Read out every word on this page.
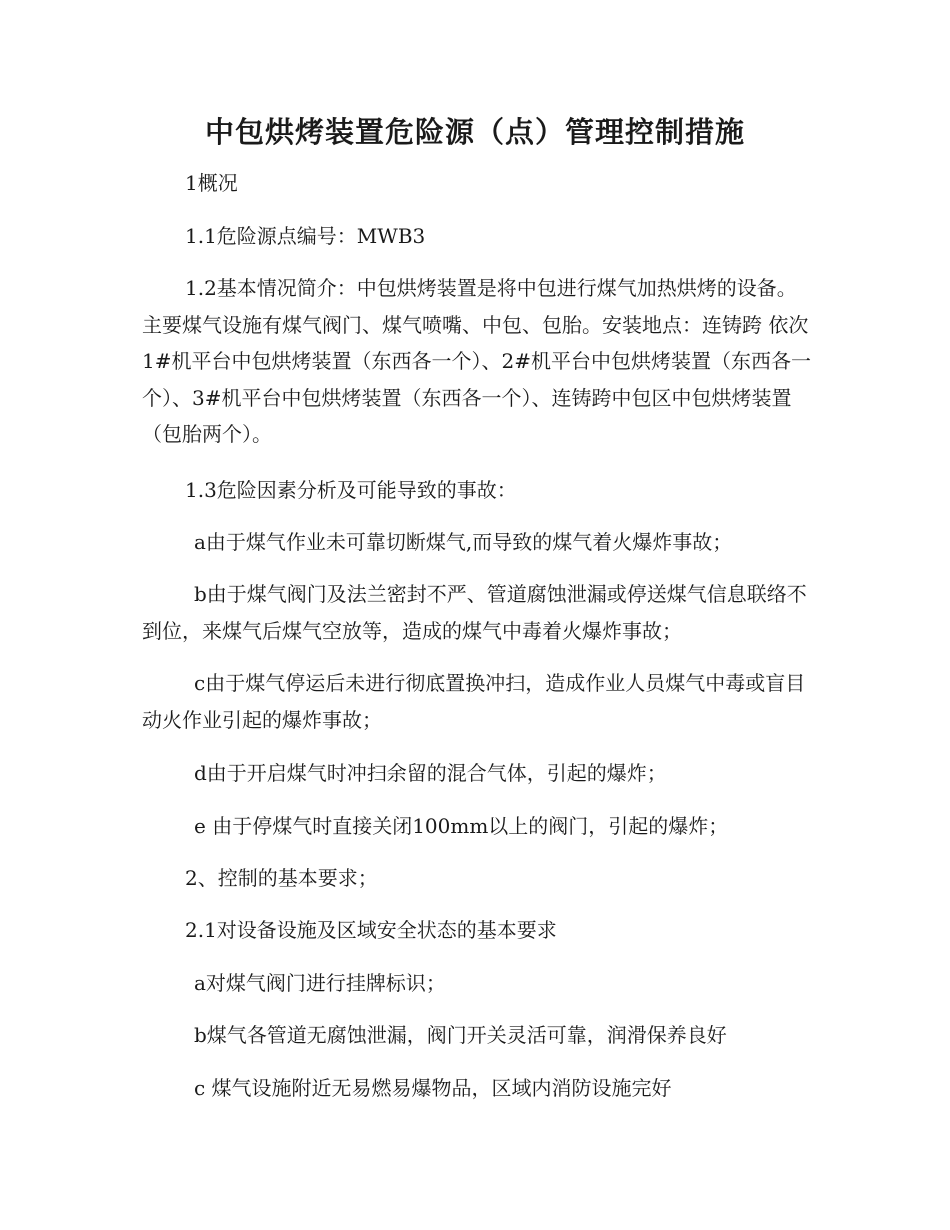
中包烘烤装置危险源（点）管理控制措施

1概况

1.1危险源点编号：MWB3

1.2基本情况简介：中包烘烤装置是将中包进行煤气加热烘烤的设备。主要煤气设施有煤气阀门、煤气喷嘴、中包、包胎。安装地点：连铸跨 依次1#机平台中包烘烤装置（东西各一个）、2#机平台中包烘烤装置（东西各一个）、3#机平台中包烘烤装置（东西各一个）、连铸跨中包区中包烘烤装置（包胎两个）。

1.3危险因素分析及可能导致的事故：

a由于煤气作业未可靠切断煤气,而导致的煤气着火爆炸事故；

b由于煤气阀门及法兰密封不严、管道腐蚀泄漏或停送煤气信息联络不到位，来煤气后煤气空放等，造成的煤气中毒着火爆炸事故；

c由于煤气停运后未进行彻底置换冲扫，造成作业人员煤气中毒或盲目动火作业引起的爆炸事故；

d由于开启煤气时冲扫余留的混合气体，引起的爆炸；

e 由于停煤气时直接关闭100mm以上的阀门，引起的爆炸；

2、控制的基本要求；

2.1对设备设施及区域安全状态的基本要求

a对煤气阀门进行挂牌标识；

b煤气各管道无腐蚀泄漏，阀门开关灵活可靠，润滑保养良好

c 煤气设施附近无易燃易爆物品，区域内消防设施完好
